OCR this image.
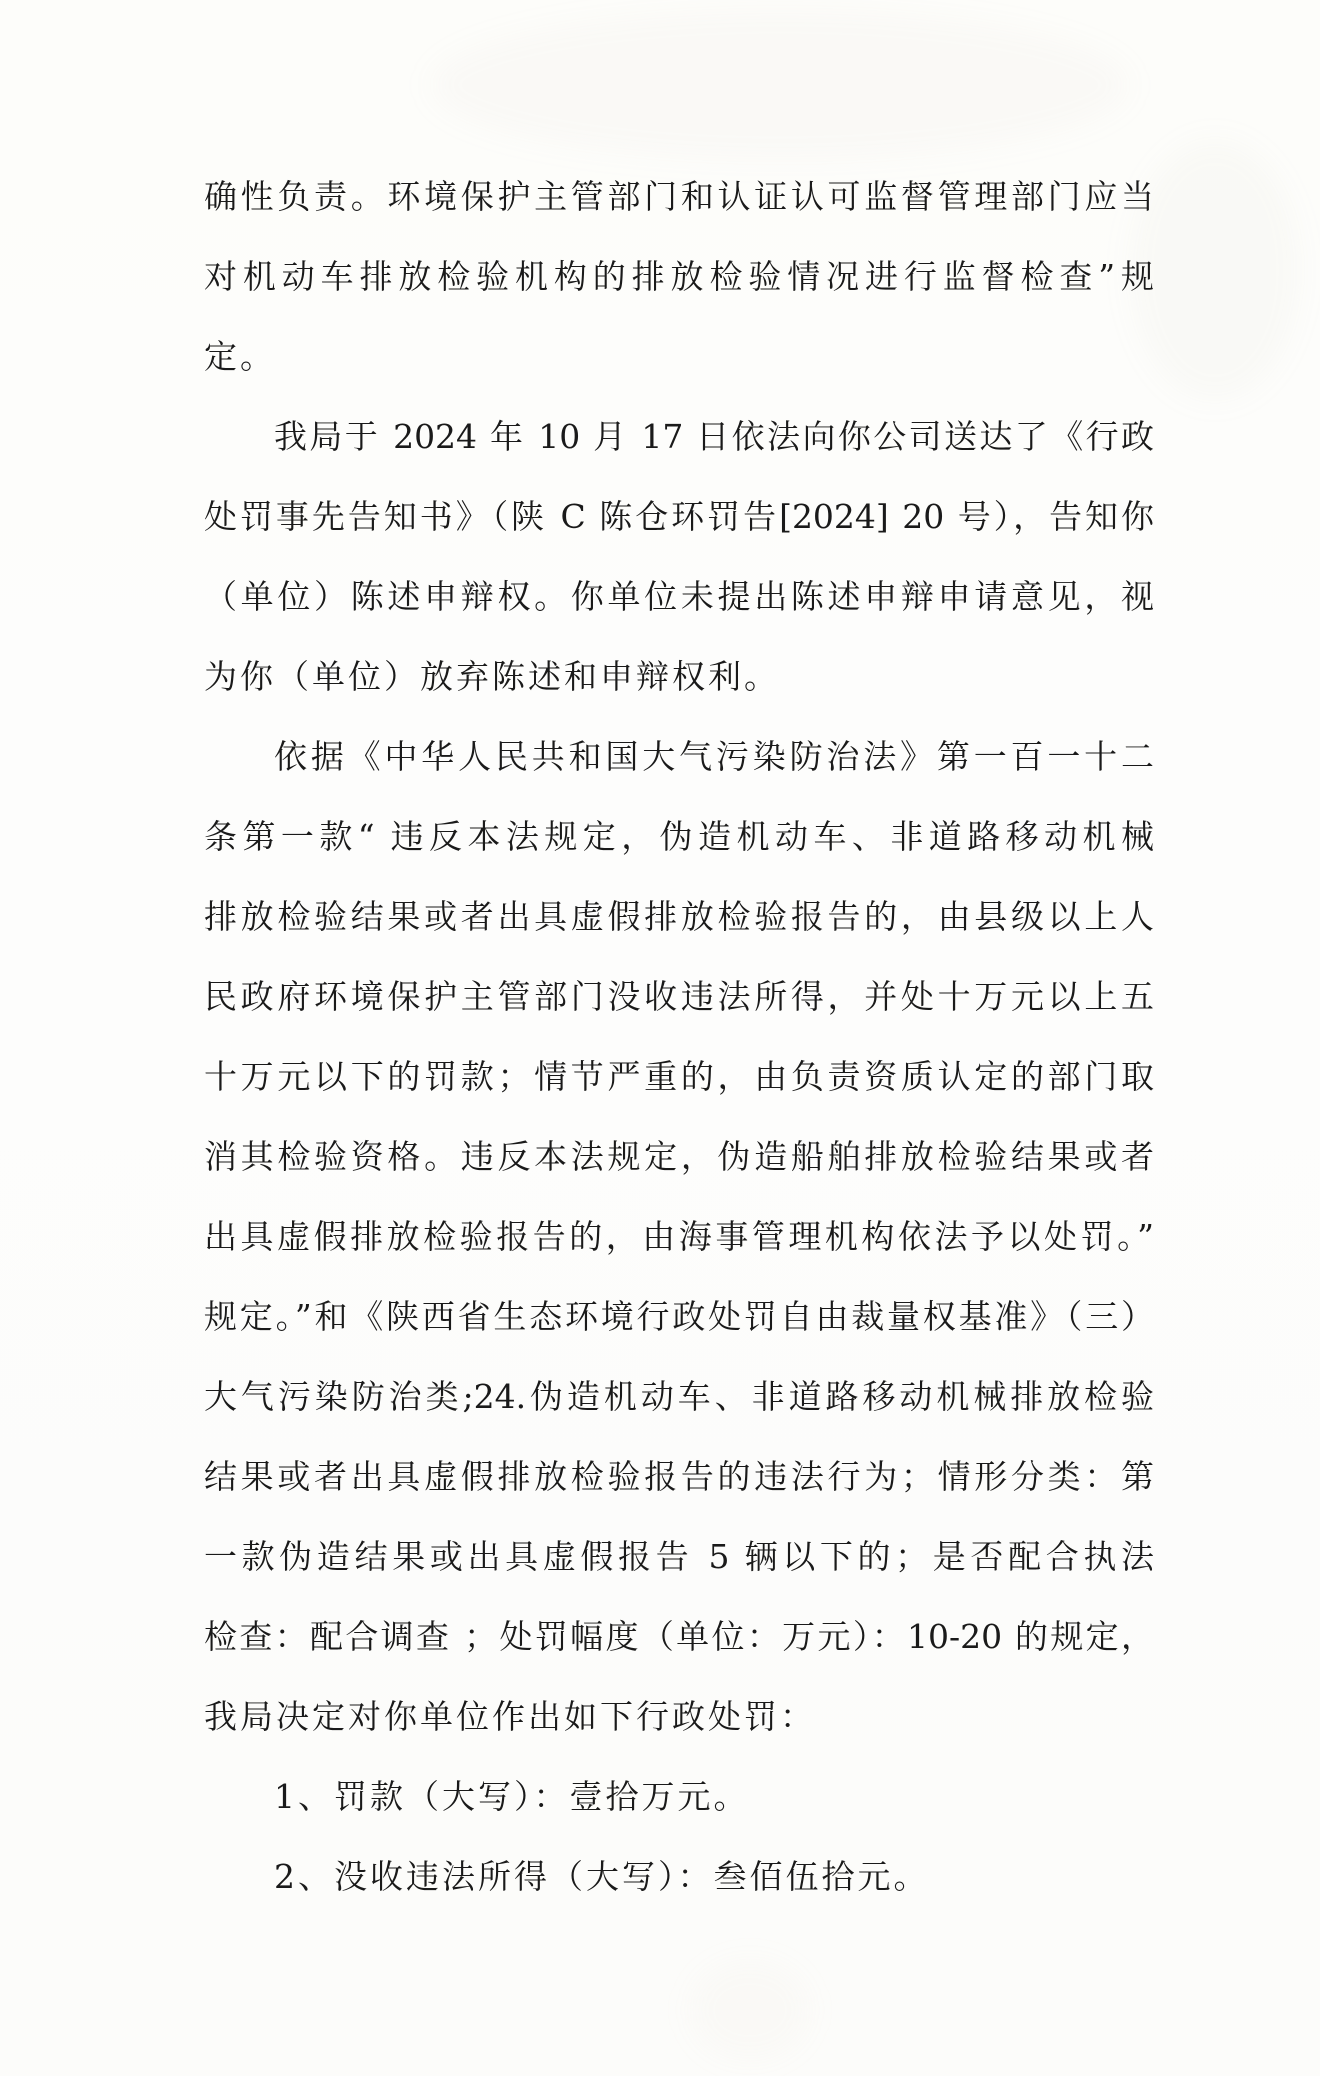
确性负责。环境保护主管部门和认证认可监督管理部门应当
对机动车排放检验机构的排放检验情况进行监督检查”规
定。
我局于 2024 年 10 月 17 日依法向你公司送达了《行政
处罚事先告知书》（陕 C 陈仓环罚告[2024] 20 号），告知你
（单位）陈述申辩权。你单位未提出陈述申辩申请意见，视
为你（单位）放弃陈述和申辩权利。
依据《中华人民共和国大气污染防治法》第一百一十二
条第一款“ 违反本法规定，伪造机动车、非道路移动机械
排放检验结果或者出具虚假排放检验报告的，由县级以上人
民政府环境保护主管部门没收违法所得，并处十万元以上五
十万元以下的罚款；情节严重的，由负责资质认定的部门取
消其检验资格。违反本法规定，伪造船舶排放检验结果或者
出具虚假排放检验报告的，由海事管理机构依法予以处罚。”
规定。”和《陕西省生态环境行政处罚自由裁量权基准》（三）
大气污染防治类;24.伪造机动车、非道路移动机械排放检验
结果或者出具虚假排放检验报告的违法行为；情形分类：第
一款伪造结果或出具虚假报告 5 辆以下的；是否配合执法
检查：配合调查 ；处罚幅度（单位：万元）：10-20 的规定，
我局决定对你单位作出如下行政处罚：
1、罚款（大写）：壹拾万元。
2、没收违法所得（大写）：叁佰伍拾元。
